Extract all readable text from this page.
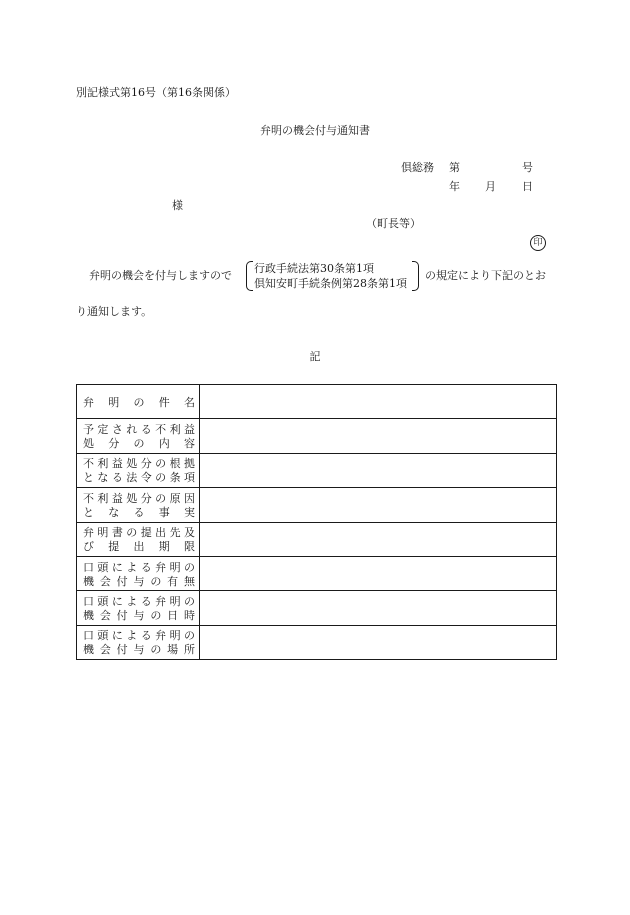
別記様式第16号（第16条関係）
弁明の機会付与通知書
倶総務 第	号
年 月 日
様
（町長等）
印
弁明の機会を付与しますので
行政手続法第30条第1項
倶知安町手続条例第28条第1項
の規定により下記のとお
り通知します。
記
弁　明　の　件　名	

予定される不利益
処　分　の　内　容	

不利益処分の根拠
となる法令の条項	

不利益処分の原因
と　な　る　事　実	

弁明書の提出先及
び　提　出　期　限	

口頭による弁明の
機会付与の有無	

口頭による弁明の
機会付与の日時	

口頭による弁明の
機会付与の場所	
